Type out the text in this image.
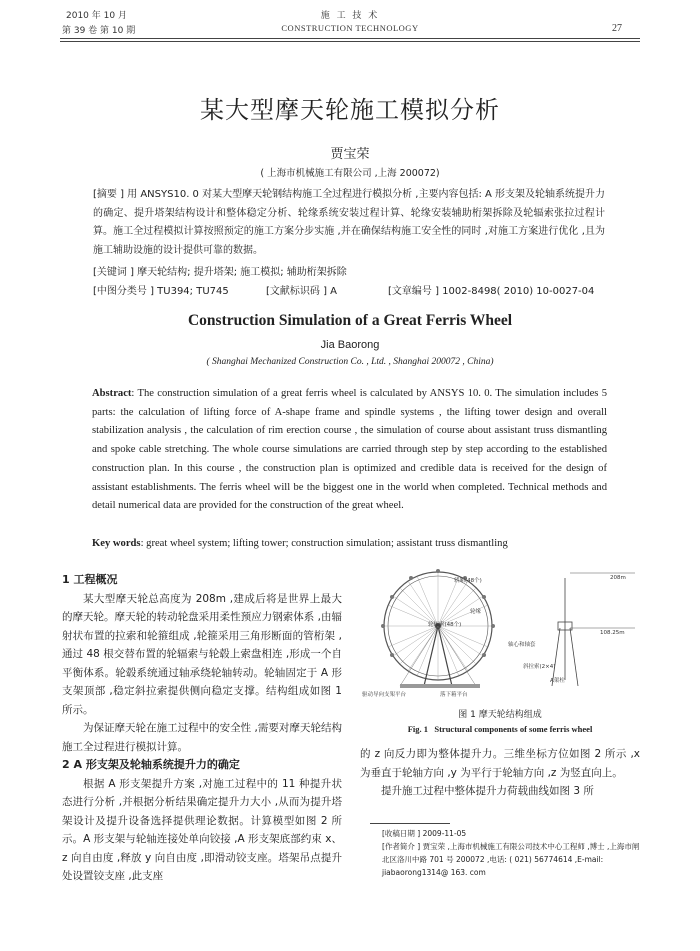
2010 年 10 月
第 39 卷 第 10 期
施 工 技 术
CONSTRUCTION TECHNOLOGY	27
某大型摩天轮施工模拟分析
贾宝荣
( 上海市机械施工有限公司 ,上海 200072)
[摘要 ] 用 ANSYS10. 0 对某大型摩天轮钢结构施工全过程进行模拟分析 ,主要内容包括: A 形支架及轮轴系统提升力的确定、提升塔架结构设计和整体稳定分析、轮缘系统安装过程计算、轮缘安装辅助桁架拆除及轮辐索张拉过程计算。施工全过程模拟计算按照预定的施工方案分步实施 ,并在确保结构施工安全性的同时 ,对施工方案进行优化 ,且为施工辅助设施的设计提供可靠的数据。
[关键词 ] 摩天轮结构; 提升塔架; 施工模拟; 辅助桁架拆除
[中图分类号 ] TU394; TU745	[文献标识码 ] A	[文章编号 ] 1002-8498( 2010) 10-0027-04
Construction Simulation of a Great Ferris Wheel
Jia Baorong
( Shanghai Mechanized Construction Co. , Ltd. , Shanghai 200072 , China)
Abstract: The construction simulation of a great ferris wheel is calculated by ANSYS 10. 0. The simulation includes 5 parts: the calculation of lifting force of A-shape frame and spindle systems , the lifting tower design and overall stabilization analysis , the calculation of rim erection course , the simulation of course about assistant truss dismantling and spoke cable stretching. The whole course simulations are carried through step by step according to the established construction plan. In this course , the construction plan is optimized and credible data is received for the design of assistant establishments. The ferris wheel will be the biggest one in the world when completed. Technical methods and detail numerical data are provided for the construction of the great wheel.
Key words: great wheel system; lifting tower; construction simulation; assistant truss dismantling

1 工程概况

某大型摩天轮总高度为 208m ,建成后将是世界上最大的摩天轮。摩天轮的转动轮盘采用柔性预应力钢索体系 ,由辐射状布置的拉索和轮箍组成 ,轮箍采用三角形断面的管桁架 ,通过 48 根交替布置的轮辐索与轮毂上索盘相连 ,形成一个自平衡体系。轮毂系统通过轴承绕轮轴转动。轮轴固定于 A 形支架顶部 ,稳定斜拉索提供侧向稳定支撑。结构组成如图 1 所示。

为保证摩天轮在施工过程中的安全性 ,需要对摩天轮结构施工全过程进行模拟计算。

2 A 形支架及轮轴系统提升力的确定

根据 A 形支架提升方案 ,对施工过程中的 11 种提升状态进行分析 ,并根据分析结果确定提升力大小 ,从而为提升塔架设计及提升设备选择提供理论数据。计算模型如图 2 所示。A 形支架与轮轴连接处单向铰接 ,A 形支架底部约束 x、z 向自由度 ,释放 y 向自由度 ,即滑动铰支座。塔架吊点提升处设置铰支座 ,此支座

轿厢(48个)
轮缘
轮辐索(48个)
轴心和轴套
斜拉索(2×4)
A架柱
驱动导向支架平台	落下箱平台
208m
108.25m
图 1 摩天轮结构组成
Fig. 1 Structural components of some ferris wheel

的 z 向反力即为整体提升力。三维坐标方位如图 2 所示 ,x 为垂直于轮轴方向 ,y 为平行于轮轴方向 ,z 为竖直向上。

提升施工过程中整体提升力荷载曲线如图 3 所

[收稿日期 ] 2009-11-05

[作者简介 ] 贾宝荣 ,上海市机械施工有限公司技术中心工程师 ,博士 ,上海市闸北区洛川中路 701 号 200072 ,电话: ( 021) 56774614 ,E-mail: jiabaorong1314@ 163. com
